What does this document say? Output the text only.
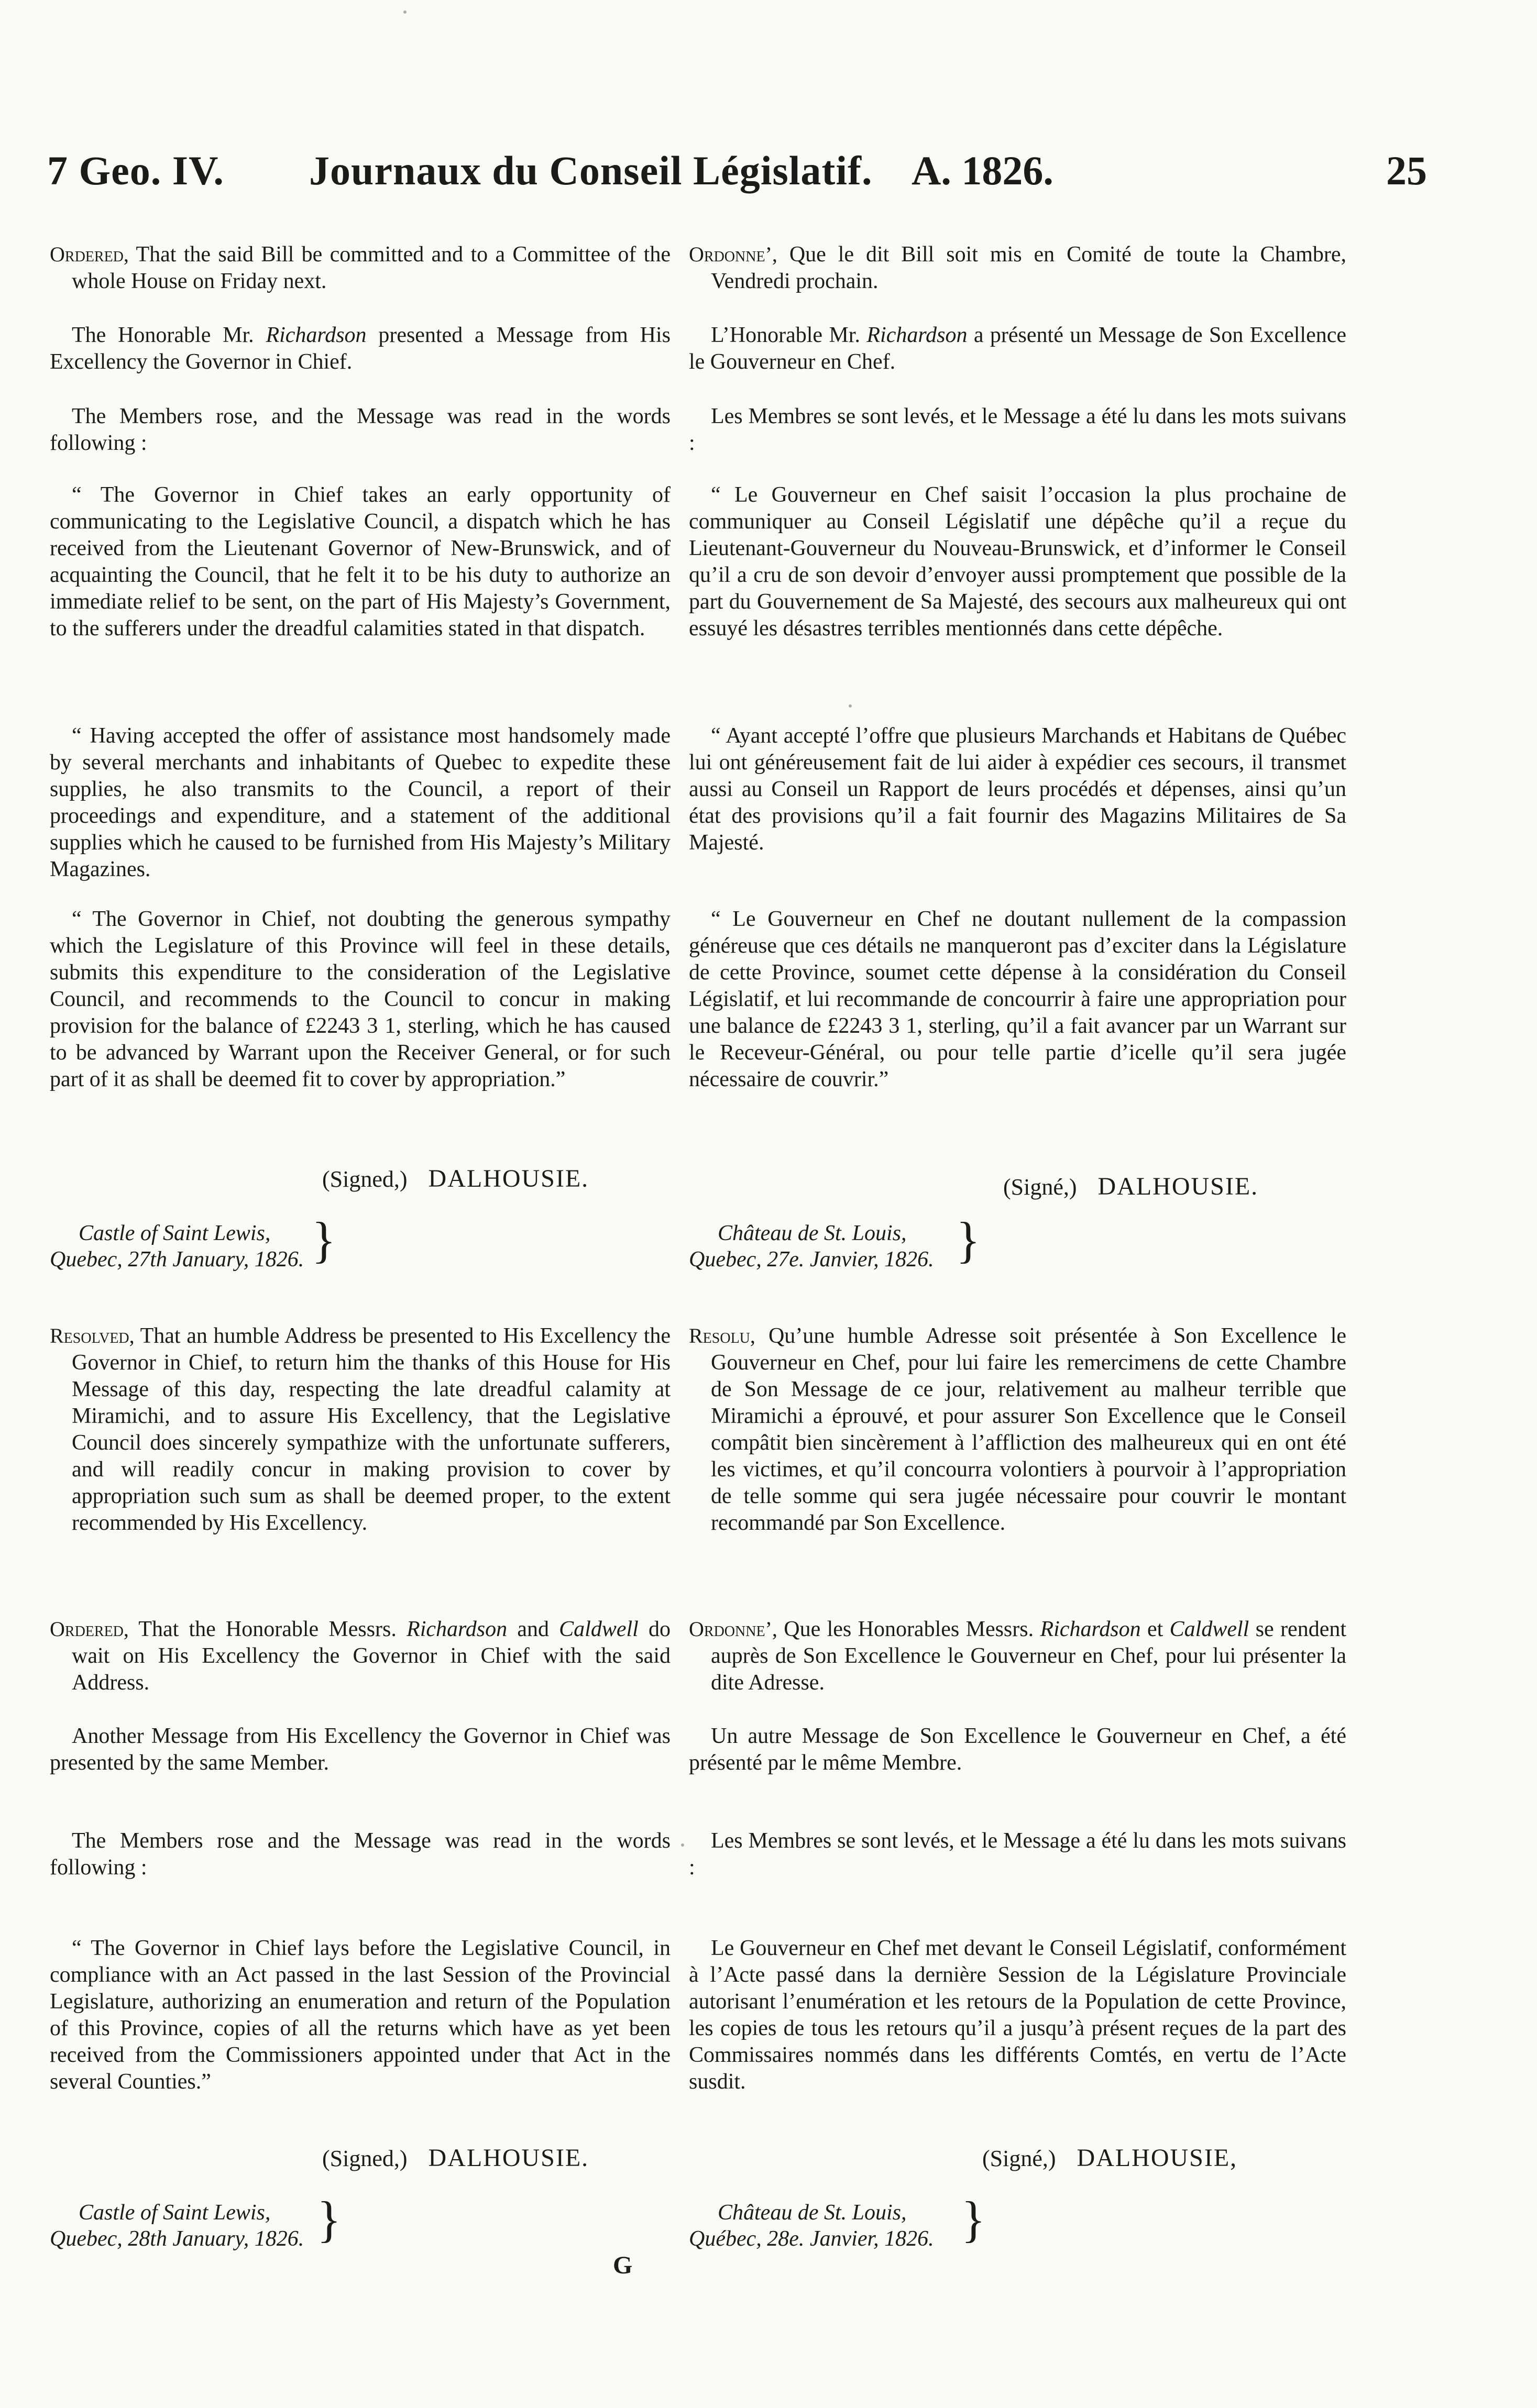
7 Geo. IV. Journaux du Conseil Législatif.	25
A. 1826.
Ordered, That the said Bill be committed and to a Committee of the whole House on Friday next.
The Honorable Mr. Richardson presented a Message from His Excellency the Governor in Chief.
The Members rose, and the Message was read in the words following :
“ The Governor in Chief takes an early opportunity of communicating to the Legislative Council, a dispatch which he has received from the Lieutenant Governor of New-Brunswick, and of acquainting the Council, that he felt it to be his duty to authorize an immediate relief to be sent, on the part of His Majesty’s Government, to the sufferers under the dreadful calamities stated in that dispatch.
“ Having accepted the offer of assistance most handsomely made by several merchants and inhabitants of Quebec to expedite these supplies, he also transmits to the Council, a report of their proceedings and expenditure, and a statement of the additional supplies which he caused to be furnished from His Majesty’s Military Magazines.
“ The Governor in Chief, not doubting the generous sympathy which the Legislature of this Province will feel in these details, submits this expenditure to the consideration of the Legislative Council, and recommends to the Council to concur in making provision for the balance of £2243 3 1, sterling, which he has caused to be advanced by Warrant upon the Receiver General, or for such part of it as shall be deemed fit to cover by appropriation.”
(Signed,) DALHOUSIE.
Castle of Saint Lewis,
Quebec, 27th January, 1826. }
Resolved, That an humble Address be presented to His Excellency the Governor in Chief, to return him the thanks of this House for His Message of this day, respecting the late dreadful calamity at Miramichi, and to assure His Excellency, that the Legislative Council does sincerely sympathize with the unfortunate sufferers, and will readily concur in making provision to cover by appropriation such sum as shall be deemed proper, to the extent recommended by His Excellency.
Ordered, That the Honorable Messrs. Richardson and Caldwell do wait on His Excellency the Governor in Chief with the said Address.
Another Message from His Excellency the Governor in Chief was presented by the same Member.
The Members rose and the Message was read in the words following :
“ The Governor in Chief lays before the Legislative Council, in compliance with an Act passed in the last Session of the Provincial Legislature, authorizing an enumeration and return of the Population of this Province, copies of all the returns which have as yet been received from the Commissioners appointed under that Act in the several Counties.”
(Signed,) DALHOUSIE.
Castle of Saint Lewis,
Quebec, 28th January, 1826. }
Ordonne’, Que le dit Bill soit mis en Comité de toute la Chambre, Vendredi prochain.
L’Honorable Mr. Richardson a présenté un Message de Son Excellence le Gouverneur en Chef.
Les Membres se sont levés, et le Message a été lu dans les mots suivans :
“ Le Gouverneur en Chef saisit l’occasion la plus prochaine de communiquer au Conseil Législatif une dépêche qu’il a reçue du Lieutenant-Gouverneur du Nouveau-Brunswick, et d’informer le Conseil qu’il a cru de son devoir d’envoyer aussi promptement que possible de la part du Gouvernement de Sa Majesté, des secours aux malheureux qui ont essuyé les désastres terribles mentionnés dans cette dépêche.
“ Ayant accepté l’offre que plusieurs Marchands et Habitans de Québec lui ont généreusement fait de lui aider à expédier ces secours, il transmet aussi au Conseil un Rapport de leurs procédés et dépenses, ainsi qu’un état des provisions qu’il a fait fournir des Magazins Militaires de Sa Majesté.
“ Le Gouverneur en Chef ne doutant nullement de la compassion généreuse que ces détails ne manqueront pas d’exciter dans la Législature de cette Province, soumet cette dépense à la considération du Conseil Législatif, et lui recommande de concourrir à faire une appropriation pour une balance de £2243 3 1, sterling, qu’il a fait avancer par un Warrant sur le Receveur-Général, ou pour telle partie d’icelle qu’il sera jugée nécessaire de couvrir.”
(Signé,) DALHOUSIE.
Château de St. Louis,
Quebec, 27e. Janvier, 1826. }
Resolu, Qu’une humble Adresse soit présentée à Son Excellence le Gouverneur en Chef, pour lui faire les remercimens de cette Chambre de Son Message de ce jour, relativement au malheur terrible que Miramichi a éprouvé, et pour assurer Son Excellence que le Conseil compâtit bien sincèrement à l’affliction des malheureux qui en ont été les victimes, et qu’il concourra volontiers à pourvoir à l’appropriation de telle somme qui sera jugée nécessaire pour couvrir le montant recommandé par Son Excellence.
Ordonne’, Que les Honorables Messrs. Richardson et Caldwell se rendent auprès de Son Excellence le Gouverneur en Chef, pour lui présenter la dite Adresse.
Un autre Message de Son Excellence le Gouverneur en Chef, a été présenté par le même Membre.
Les Membres se sont levés, et le Message a été lu dans les mots suivans :
Le Gouverneur en Chef met devant le Conseil Législatif, conformément à l’Acte passé dans la dernière Session de la Législature Provinciale autorisant l’enumération et les retours de la Population de cette Province, les copies de tous les retours qu’il a jusqu’à présent reçues de la part des Commissaires nommés dans les différents Comtés, en vertu de l’Acte susdit.
(Signé,) DALHOUSIE,
Château de St. Louis,
Québec, 28e. Janvier, 1826. }
G
